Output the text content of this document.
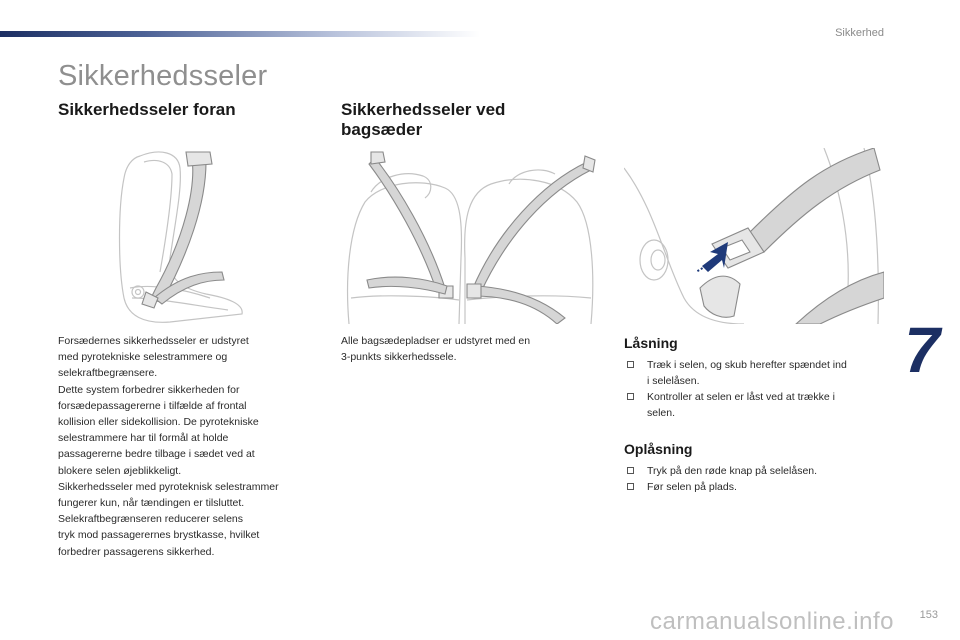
Sikkerhed
Sikkerhedsseler
Sikkerhedsseler foran	Sikkerhedsseler ved
bagsæder

Forsædernes sikkerhedsseler er udstyret
med pyrotekniske selestrammere og
selekraftbegrænsere.
Dette system forbedrer sikkerheden for
forsædepassagererne i tilfælde af frontal
kollision eller sidekollision. De pyrotekniske
selestrammere har til formål at holde
passagererne bedre tilbage i sædet ved at
blokere selen øjeblikkeligt.
Sikkerhedsseler med pyroteknisk selestrammer
fungerer kun, når tændingen er tilsluttet.
Selekraftbegrænseren reducerer selens
tryk mod passagerernes brystkasse, hvilket
forbedrer passagerens sikkerhed.

Alle bagsædepladser er udstyret med en
3-punkts sikkerhedssele.

Låsning
Træk i selen, og skub herefter spændet ind
i selelåsen.
Kontroller at selen er låst ved at trække i
selen.
Oplåsning
Tryk på den røde knap på selelåsen.
Før selen på plads.
7
carmanualsonline.info 153
